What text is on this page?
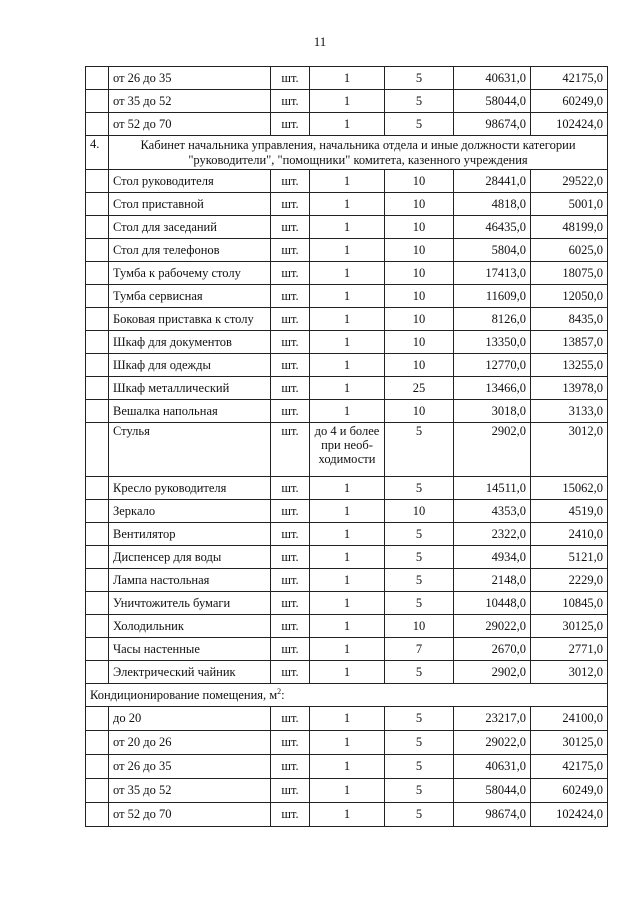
11
	от 26 до 35	шт.	1	5	40631,0	42175,0
	от 35 до 52	шт.	1	5	58044,0	60249,0
	от 52 до 70	шт.	1	5	98674,0	102424,0
4.	Кабинет начальника управления, начальника отдела и иные должности категории "руководители", "помощники" комитета, казенного учреждения					
	Стол руководителя	шт.	1	10	28441,0	29522,0
	Стол приставной	шт.	1	10	4818,0	5001,0
	Стол для заседаний	шт.	1	10	46435,0	48199,0
	Стол для телефонов	шт.	1	10	5804,0	6025,0
	Тумба к рабочему столу	шт.	1	10	17413,0	18075,0
	Тумба сервисная	шт.	1	10	11609,0	12050,0
	Боковая приставка к столу	шт.	1	10	8126,0	8435,0
	Шкаф для документов	шт.	1	10	13350,0	13857,0
	Шкаф для одежды	шт.	1	10	12770,0	13255,0
	Шкаф металлический	шт.	1	25	13466,0	13978,0
	Вешалка напольная	шт.	1	10	3018,0	3133,0
	Стулья	шт.	до 4 и более при необ- ходимости	5	2902,0	3012,0
	Кресло руководителя	шт.	1	5	14511,0	15062,0
	Зеркало	шт.	1	10	4353,0	4519,0
	Вентилятор	шт.	1	5	2322,0	2410,0
	Диспенсер для воды	шт.	1	5	4934,0	5121,0
	Лампа настольная	шт.	1	5	2148,0	2229,0
	Уничтожитель бумаги	шт.	1	5	10448,0	10845,0
	Холодильник	шт.	1	10	29022,0	30125,0
	Часы настенные	шт.	1	7	2670,0	2771,0
	Электрический чайник	шт.	1	5	2902,0	3012,0
Кондиционирование помещения, $м^2$:						
	до 20	шт.	1	5	23217,0	24100,0
	от 20 до 26	шт.	1	5	29022,0	30125,0
	от 26 до 35	шт.	1	5	40631,0	42175,0
	от 35 до 52	шт.	1	5	58044,0	60249,0
	от 52 до 70	шт.	1	5	98674,0	102424,0
